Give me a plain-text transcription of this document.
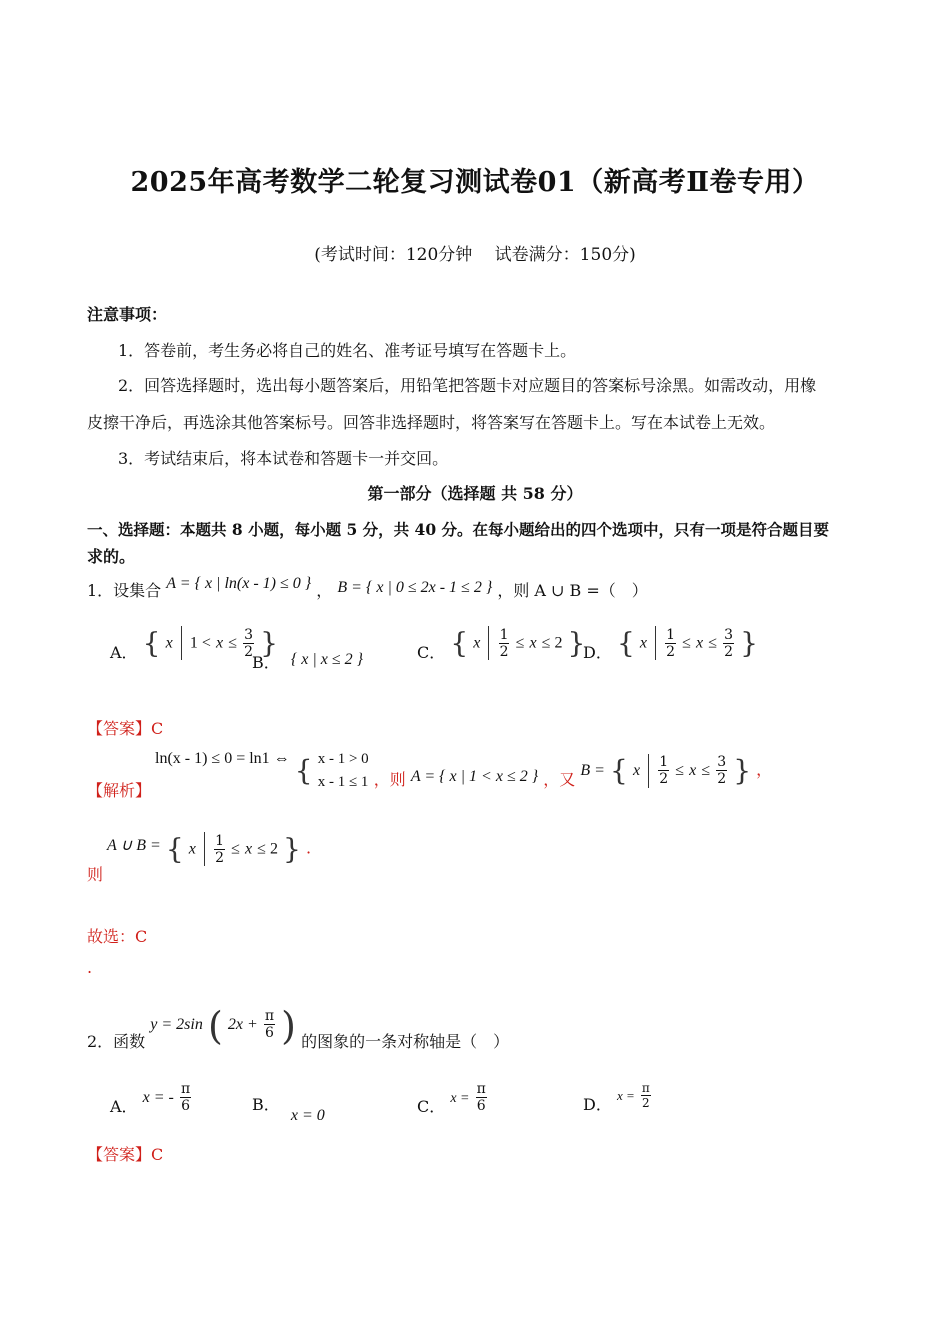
2025年高考数学二轮复习测试卷01（新高考Ⅱ卷专用）
(考试时间：120分钟　 试卷满分：150分)
注意事项：
1．答卷前，考生务必将自己的姓名、准考证号填写在答题卡上。
2．回答选择题时，选出每小题答案后，用铅笔把答题卡对应题目的答案标号涂黑。如需改动，用橡
皮擦干净后，再选涂其他答案标号。回答非选择题时，将答案写在答题卡上。写在本试卷上无效。
3．考试结束后，将本试卷和答题卡一并交回。
第一部分（选择题 共 58 分）
一、选择题：本题共 8 小题，每小题 5 分，共 40 分。在每小题给出的四个选项中，只有一项是符合题目要
求的。
1．设集合 A = { x | ln(x - 1) ≤ 0 } ， B = { x | 0 ≤ 2x - 1 ≤ 2 } ，则 A ∪ B =（　）
A． { x $1 < x \le \frac{3}{2}$ }
B． { x | x ≤ 2 }	C． { x $\frac{1}{2} \le x \le 2$ }
D． { x $\frac{1}{2} \le x \le \frac{3}{2}$ }
【答案】C
【解析】
ln(x - 1) ≤ 0 = ln1 ⇔ { x - 1 > 0
x - 1 ≤ 1 ，则 A = { x | 1 < x ≤ 2 } ，又 B = { x $\frac{1}{2} \le x \le \frac{3}{2}$ } ，
则
A ∪ B = { x $\frac{1}{2} \le x \le 2$ } .
故选：C
.
2．函数 y = 2sin ( $2x + \frac{\pi}{6}$ ) 的图象的一条对称轴是（　）
A． x = - $\frac{\pi}{6}$	B． x = 0	C． $x = \frac{\pi}{6}$	D． $x = \frac{\pi}{2}$
【答案】C
